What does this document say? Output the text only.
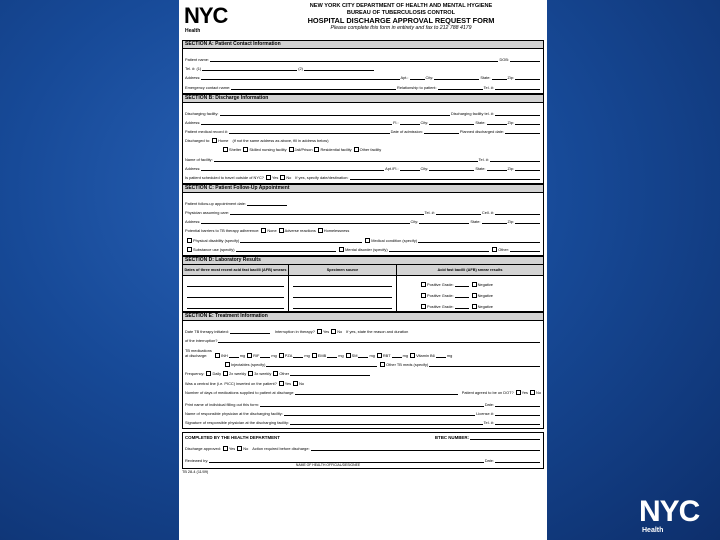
NYC
Health
NEW YORK CITY DEPARTMENT OF HEALTH AND MENTAL HYGIENE
BUREAU OF TUBERCULOSIS CONTROL
HOSPITAL DISCHARGE APPROVAL REQUEST FORM
Please complete this form in entirety and fax to 212 788 4179
SECTION A: Patient Contact Information
Patient name:	DOB:
Tel. #: (1)	(2)
Address:	Apt.:	City:	State:	Zip:
Emergency contact name:	Relationship to patient:	Tel. #:
SECTION B: Discharge Information
Discharging facility:	Discharging facility tel. #:
Address:	Fl.:	City:	State:	Zip:
Patient medical record #:	Date of admission:	Planned discharged date:
Discharged to: Home (if not the same address as above, fill in address below)
Shelter Skilled nursing facility Jail/Prison Residential facility Other facility
Name of facility:	Tel. #:
Address:	Apt./Fl.:	City:	State:	Zip:
Is patient scheduled to travel outside of NYC? Yes No If yes, specify date/destination:
SECTION C: Patient Follow-Up Appointment
Patient follow-up appointment date:
Physician assuming care:	Tel. #:	Cell. #:
Address:	City:	State:	Zip:
Potential barriers to TB therapy adherence: None Adverse reactions Homelessness
Physical disability (specify)	Medical condition (specify)
Substance use (specify)	Mental disorder (specify)	Other:
SECTION D: Laboratory Results
Dates of three most recent acid fast bacilli (AFB) smears	Specimen source	Acid fast bacilli (AFB) smear results
Positive Grade:	Negative
Positive Grade:	Negative
Positive Grade:	Negative
SECTION E: Treatment Information
Date TB therapy initiated:	Interruption in therapy? Yes No If yes, state the reason and duration
of the interruption?
TB medications at discharge:	INH	mg RIF	mg PZA	mg EMB	mg SM	mg RBT	mg Vitamin B6	mg
Injectables (specify)	Other TB meds (specify)
Frequency: Daily 2x weekly 3x weekly Other
Was a central line (i.e. PICC) inserted on the patient? Yes No
Number of days of medications supplied to patient at discharge	Patient agreed to be on DOT? Yes No
Print name of individual filling out this form:	Date:
Name of responsible physician at the discharging facility:	License #:
Signature of responsible physician at the discharging facility:	Tel. #:
COMPLETED BY THE HEALTH DEPARTMENT	BTBC NUMBER:
Discharge approved: Yes No Action required before discharge:
Reviewed by:	Date:
NAME OF HEALTH OFFICIAL/DESIGNEE
TB 28-4 (11/09)
NYC
Health
